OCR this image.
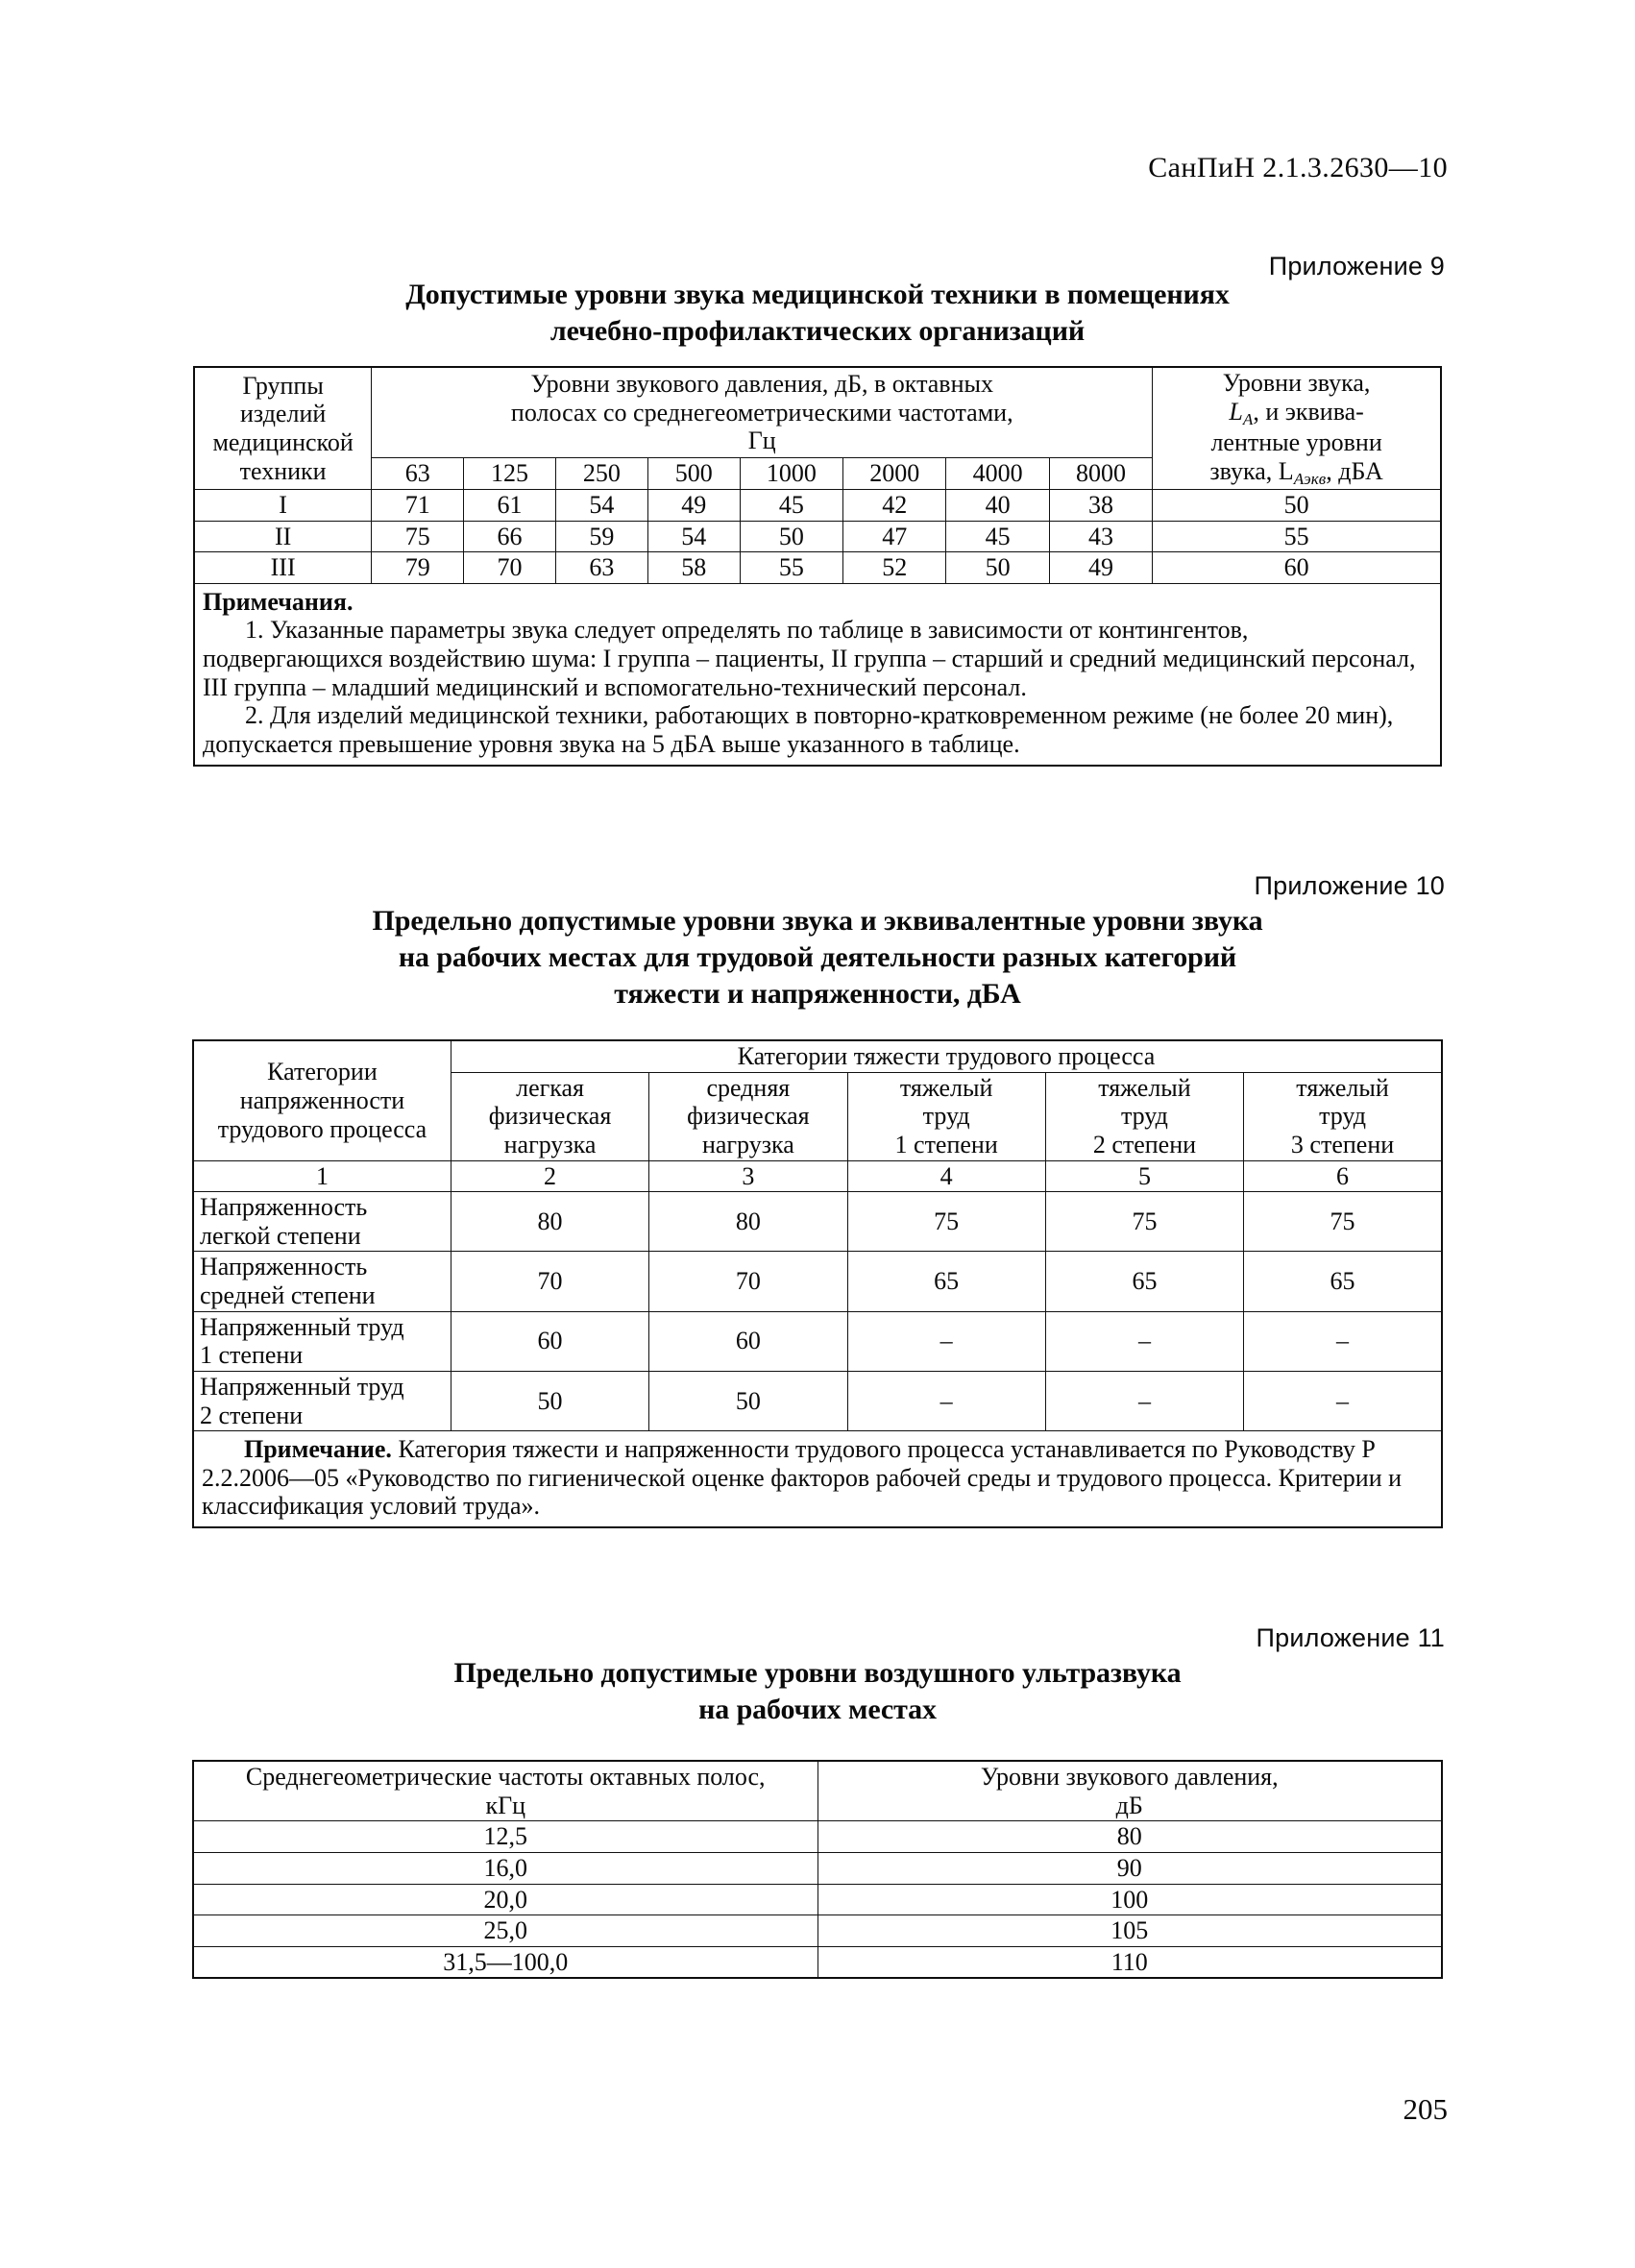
СанПиН 2.1.3.2630—10
Приложение 9
Допустимые уровни звука медицинской техники в помещениях
лечебно-профилактических организаций
Группы
изделий
медицинской
техники	Уровни звукового давления, дБ, в октавных
полосах со среднегеометрическими частотами,
Гц								Уровни звука,
$L_A$, и эквива-
лентные уровни
звука, $L_{Aэкв}$, дБА
	63	125	250	500	1000	2000	4000	8000	
I	71	61	54	49	45	42	40	38	50
II	75	66	59	54	50	47	45	43	55
III	79	70	63	58	55	52	50	49	60

Примечания.

1. Указанные параметры звука следует определять по таблице в зависимости от контингентов, подвергающихся воздействию шума: I группа – пациенты, II группа – старший и средний медицинский персонал, III группа – младший медицинский и вспомогательно-технический персонал.

2. Для изделий медицинской техники, работающих в повторно-кратковременном режиме (не более 20 мин), допускается превышение уровня звука на 5 дБА выше указанного в таблице.									

Приложение 10
Предельно допустимые уровни звука и эквивалентные уровни звука
на рабочих местах для трудовой деятельности разных категорий
тяжести и напряженности, дБА
Категории
напряженности
трудового процесса	Категории тяжести трудового процесса				
	легкая
физическая
нагрузка	средняя
физическая
нагрузка	тяжелый
труд
1 степени	тяжелый
труд
2 степени	тяжелый
труд
3 степени
1	2	3	4	5	6
Напряженность
легкой степени	80	80	75	75	75
Напряженность
средней степени	70	70	65	65	65
Напряженный труд
1 степени	60	60	–	–	–
Напряженный труд
2 степени	50	50	–	–	–

Примечание. Категория тяжести и напряженности трудового процесса устанавливается по Руководству Р 2.2.2006—05 «Руководство по гигиенической оценке факторов рабочей среды и трудового процесса. Критерии и классификация условий труда».					

Приложение 11
Предельно допустимые уровни воздушного ультразвука
на рабочих местах
Среднегеометрические частоты октавных полос,
кГц	Уровни звукового давления,
дБ
12,5	80
16,0	90
20,0	100
25,0	105
31,5—100,0	110
205
